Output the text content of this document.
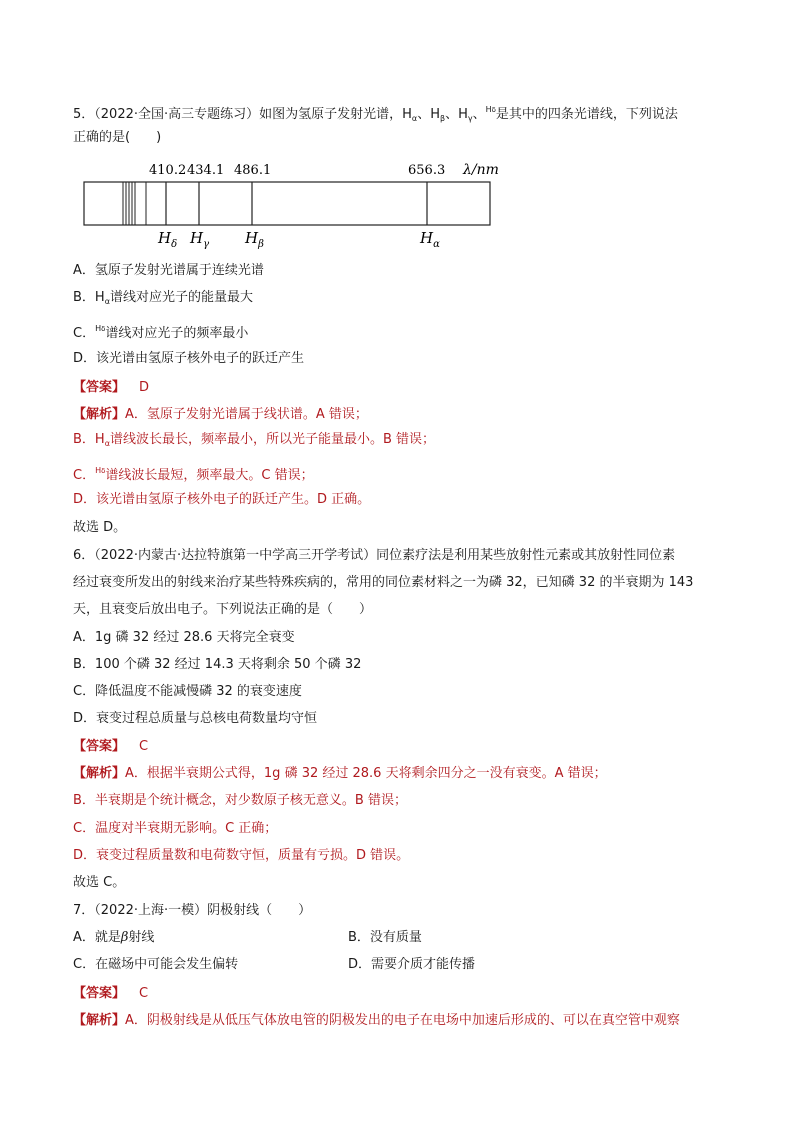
5．（2022·全国·高三专题练习）如图为氢原子发射光谱，$H_\alpha$、$H_\beta$、$H_\gamma$、$^{H\delta}$是其中的四条光谱线，下列说法
正确的是(　　)
410.2 434.1 486.1	656.3 λ/nm
$H_\delta$ $H_\gamma$ $H_\beta$	$H_\alpha$
A．氢原子发射光谱属于连续光谱
B．$H_\alpha$谱线对应光子的能量最大
C．$^{H\delta}$谱线对应光子的频率最小
D．该光谱由氢原子核外电子的跃迁产生
【答案】 D
【解析】A．氢原子发射光谱属于线状谱。A 错误；
B．$H_\alpha$谱线波长最长，频率最小，所以光子能量最小。B 错误；
C．$^{H\delta}$谱线波长最短，频率最大。C 错误；
D．该光谱由氢原子核外电子的跃迁产生。D 正确。
故选 D。
6．（2022·内蒙古·达拉特旗第一中学高三开学考试）同位素疗法是利用某些放射性元素或其放射性同位素
经过衰变所发出的射线来治疗某些特殊疾病的，常用的同位素材料之一为磷 32，已知磷 32 的半衰期为 143
天，且衰变后放出电子。下列说法正确的是（　　）
A．1g 磷 32 经过 28.6 天将完全衰变
B．100 个磷 32 经过 14.3 天将剩余 50 个磷 32
C．降低温度不能减慢磷 32 的衰变速度
D．衰变过程总质量与总核电荷数量均守恒
【答案】 C
【解析】A．根据半衰期公式得，1g 磷 32 经过 28.6 天将剩余四分之一没有衰变。A 错误；
B．半衰期是个统计概念，对少数原子核无意义。B 错误；
C．温度对半衰期无影响。C 正确；
D．衰变过程质量数和电荷数守恒，质量有亏损。D 错误。
故选 C。
7．（2022·上海·一模）阴极射线（　　）
A．就是β射线	B．没有质量
C．在磁场中可能会发生偏转	D．需要介质才能传播
【答案】 C
【解析】A．阴极射线是从低压气体放电管的阴极发出的电子在电场中加速后形成的、可以在真空管中观察
